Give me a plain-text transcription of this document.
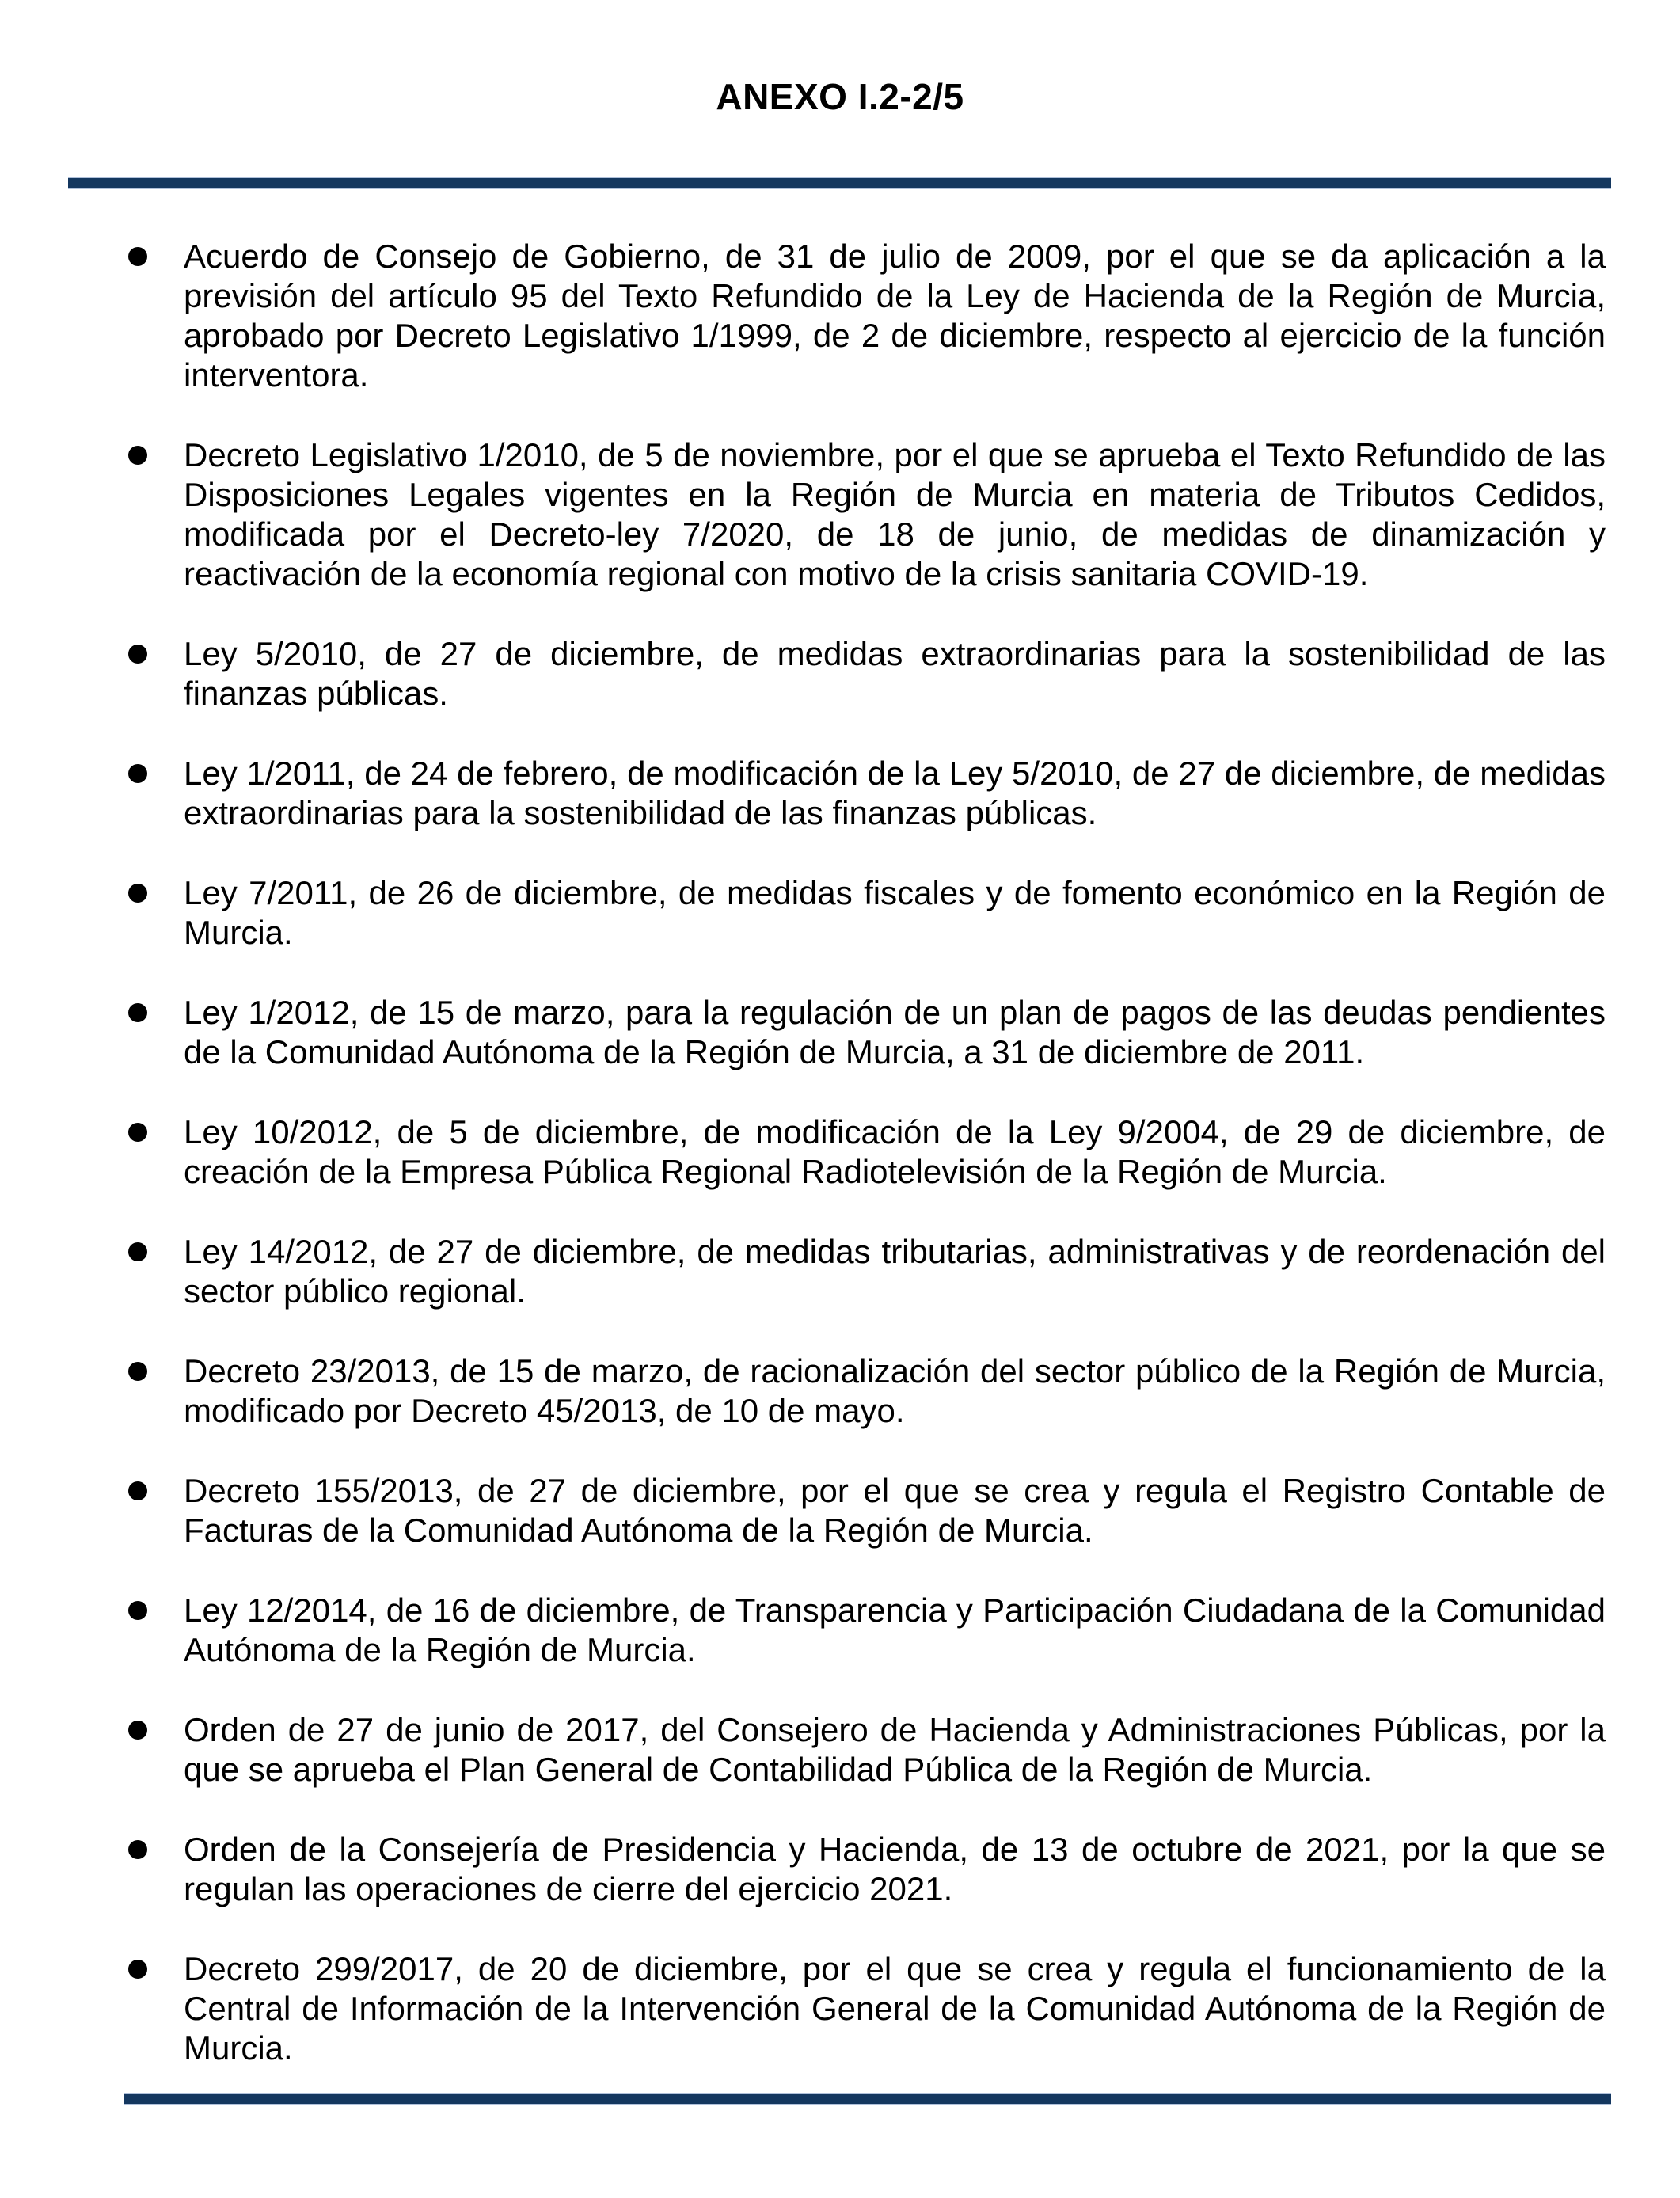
ANEXO I.2-2/5
Acuerdo de Consejo de Gobierno, de 31 de julio de 2009, por el que se da aplicación a la previsión del artículo 95 del Texto Refundido de la Ley de Hacienda de la Región de Murcia, aprobado por Decreto Legislativo 1/1999, de 2 de diciembre, respecto al ejercicio de la función interventora.
Decreto Legislativo 1/2010, de 5 de noviembre, por el que se aprueba el Texto Refundido de las Disposiciones Legales vigentes en la Región de Murcia en materia de Tributos Cedidos, modificada por el Decreto-ley 7/2020, de 18 de junio, de medidas de dinamización y reactivación de la economía regional con motivo de la crisis sanitaria COVID-19.
Ley 5/2010, de 27 de diciembre, de medidas extraordinarias para la sostenibilidad de las finanzas públicas.
Ley 1/2011, de 24 de febrero, de modificación de la Ley 5/2010, de 27 de diciembre, de medidas extraordinarias para la sostenibilidad de las finanzas públicas.
Ley 7/2011, de 26 de diciembre, de medidas fiscales y de fomento económico en la Región de Murcia.
Ley 1/2012, de 15 de marzo, para la regulación de un plan de pagos de las deudas pendientes de la Comunidad Autónoma de la Región de Murcia, a 31 de diciembre de 2011.
Ley 10/2012, de 5 de diciembre, de modificación de la Ley 9/2004, de 29 de diciembre, de creación de la Empresa Pública Regional Radiotelevisión de la Región de Murcia.
Ley 14/2012, de 27 de diciembre, de medidas tributarias, administrativas y de reordenación del sector público regional.
Decreto 23/2013, de 15 de marzo, de racionalización del sector público de la Región de Murcia, modificado por Decreto 45/2013, de 10 de mayo.
Decreto 155/2013, de 27 de diciembre, por el que se crea y regula el Registro Contable de Facturas de la Comunidad Autónoma de la Región de Murcia.
Ley 12/2014, de 16 de diciembre, de Transparencia y Participación Ciudadana de la Comunidad Autónoma de la Región de Murcia.
Orden de 27 de junio de 2017, del Consejero de Hacienda y Administraciones Públicas, por la que se aprueba el Plan General de Contabilidad Pública de la Región de Murcia.
Orden de la Consejería de Presidencia y Hacienda, de 13 de octubre de 2021, por la que se regulan las operaciones de cierre del ejercicio 2021.
Decreto 299/2017, de 20 de diciembre, por el que se crea y regula el funcionamiento de la Central de Información de la Intervención General de la Comunidad Autónoma de la Región de Murcia.
